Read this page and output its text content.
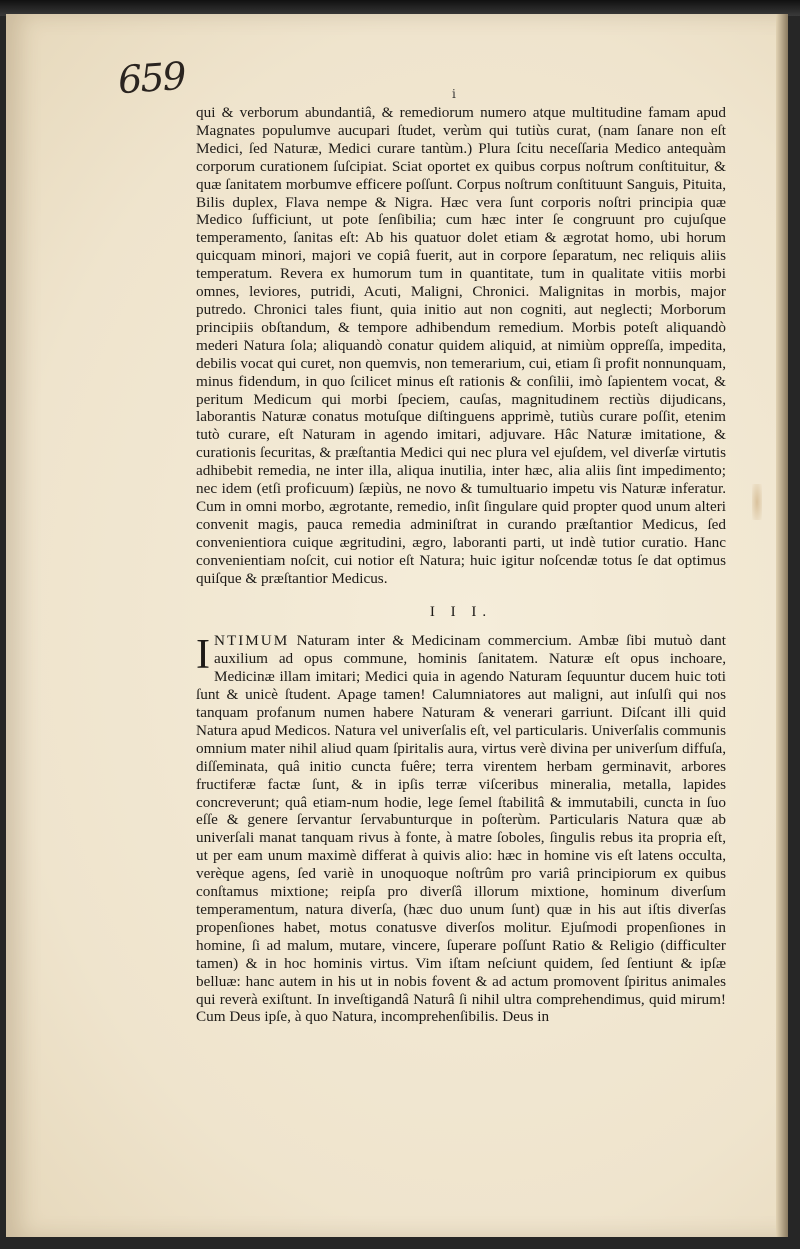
659	i

qui & verborum abundantiâ, & remediorum numero atque multitudine famam apud Magnates populumve aucupari ſtudet, verùm qui tutiùs curat, (nam ſanare non eſt Medici, ſed Naturæ, Medici curare tantùm.) Plura ſcitu neceſſaria Medico antequàm corporum curationem ſuſcipiat. Sciat oportet ex quibus corpus noſtrum conſtituitur, & quæ ſanitatem morbumve efficere poſſunt. Corpus noſtrum conſtituunt Sanguis, Pituita, Bilis duplex, Flava nempe & Nigra. Hæc vera ſunt corporis noſtri principia quæ Medico ſufficiunt, ut pote ſenſibilia; cum hæc inter ſe congruunt pro cujuſque temperamento, ſanitas eſt: Ab his quatuor dolet etiam & ægrotat homo, ubi horum quicquam minori, majori ve copiâ fuerit, aut in corpore ſeparatum, nec reliquis aliis temperatum. Revera ex humorum tum in quantitate, tum in qualitate vitiis morbi omnes, leviores, putridi, Acuti, Maligni, Chronici. Malignitas in morbis, major putredo. Chronici tales fiunt, quia initio aut non cogniti, aut neglecti; Morborum principiis obſtandum, & tempore adhibendum remedium. Morbis poteſt aliquandò mederi Natura ſola; aliquandò conatur quidem aliquid, at nimiùm oppreſſa, impedita, debilis vocat qui curet, non quemvis, non temerarium, cui, etiam ſi profit nonnunquam, minus fidendum, in quo ſcilicet minus eſt rationis & conſilii, imò ſapientem vocat, & peritum Medicum qui morbi ſpeciem, cauſas, magnitudinem rectiùs dijudicans, laborantis Naturæ conatus motuſque diſtinguens apprimè, tutiùs curare poſſit, etenim tutò curare, eſt Naturam in agendo imitari, adjuvare. Hâc Naturæ imitatione, & curationis ſecuritas, & præſtantia Medici qui nec plura vel ejuſdem, vel diverſæ virtutis adhibebit remedia, ne inter illa, aliqua inutilia, inter hæc, alia aliis ſint impedimento; nec idem (etſi proficuum) ſæpiùs, ne novo & tumultuario impetu vis Naturæ inferatur. Cum in omni morbo, ægrotante, remedio, inſit ſingulare quid propter quod unum alteri convenit magis, pauca remedia adminiſtrat in curando præſtantior Medicus, ſed convenientiora cuique ægritudini, ægro, laboranti parti, ut indè tutior curatio. Hanc convenientiam noſcit, cui notior eſt Natura; huic igitur noſcendæ totus ſe dat optimus quiſque & præſtantior Medicus.

I I I.

I NTIMUM Naturam inter & Medicinam commercium. Ambæ ſibi mutuò dant auxilium ad opus commune, hominis ſanitatem. Naturæ eſt opus inchoare, Medicinæ illam imitari; Medici quia in agendo Naturam ſequuntur ducem huic toti ſunt & unicè ſtudent. Apage tamen! Calumniatores aut maligni, aut inſulſi qui nos tanquam profanum numen habere Naturam & venerari garriunt. Diſcant illi quid Natura apud Medicos. Natura vel univerſalis eſt, vel particularis. Univerſalis communis omnium mater nihil aliud quam ſpiritalis aura, virtus verè divina per univerſum diffuſa, diſſeminata, quâ initio cuncta fuêre; terra virentem herbam germinavit, arbores fructiferæ factæ ſunt, & in ipſis terræ viſceribus mineralia, metalla, lapides concreverunt; quâ etiam-num hodie, lege ſemel ſtabilitâ & immutabili, cuncta in ſuo eſſe & genere ſervantur ſervabunturque in poſterùm. Particularis Natura quæ ab univerſali manat tanquam rivus à fonte, à matre ſoboles, ſingulis rebus ita propria eſt, ut per eam unum maximè differat à quivis alio: hæc in homine vis eſt latens occulta, verèque agens, ſed variè in unoquoque noſtrûm pro variâ principiorum ex quibus conſtamus mixtione; reipſa pro diverſâ illorum mixtione, hominum diverſum temperamentum, natura diverſa, (hæc duo unum ſunt) quæ in his aut iſtis diverſas propenſiones habet, motus conatusve diverſos molitur. Ejuſmodi propenſiones in homine, ſi ad malum, mutare, vincere, ſuperare poſſunt Ratio & Religio (difficulter tamen) & in hoc hominis virtus. Vim iſtam neſciunt quidem, ſed ſentiunt & ipſæ belluæ: hanc autem in his ut in nobis fovent & ad actum promovent ſpiritus animales qui reverà exiſtunt. In inveſtigandâ Naturâ ſi nihil ultra comprehendimus, quid mirum! Cum Deus ipſe, à quo Natura, incomprehenſibilis. Deus in
